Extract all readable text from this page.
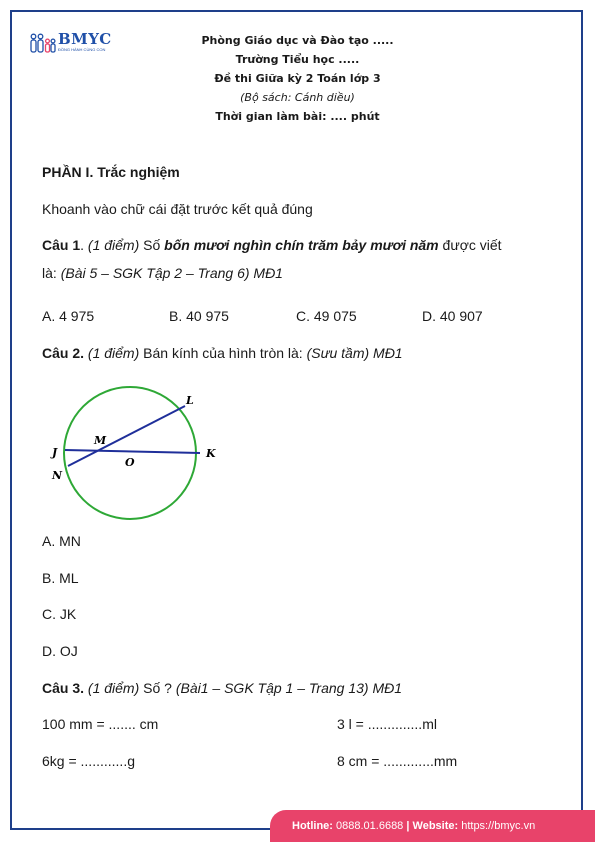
BMYC
ĐỒNG HÀNH CÙNG CON
Phòng Giáo dục và Đào tạo .....
Trường Tiểu học .....
Đề thi Giữa kỳ 2 Toán lớp 3
(Bộ sách: Cánh diều)
Thời gian làm bài: .... phút
PHẦN I. Trắc nghiệm
Khoanh vào chữ cái đặt trước kết quả đúng
Câu 1. (1 điểm) Số bốn mươi nghìn chín trăm bảy mươi năm được viết
là: (Bài 5 – SGK Tập 2 – Trang 6) MĐ1
A. 4 975	B. 40 975	C. 49 075	D. 40 907
Câu 2. (1 điểm) Bán kính của hình tròn là: (Sưu tầm) MĐ1
L
J
M
N
O
K
A. MN
B. ML
C. JK
D. OJ
Câu 3. (1 điểm) Số ? (Bài1 – SGK Tập 1 – Trang 13) MĐ1
100 mm = ....... cm	3 l = ..............ml
6kg = ............g	8 cm = .............mm
Hotline: 0888.01.6688 | Website: https://bmyc.vn
